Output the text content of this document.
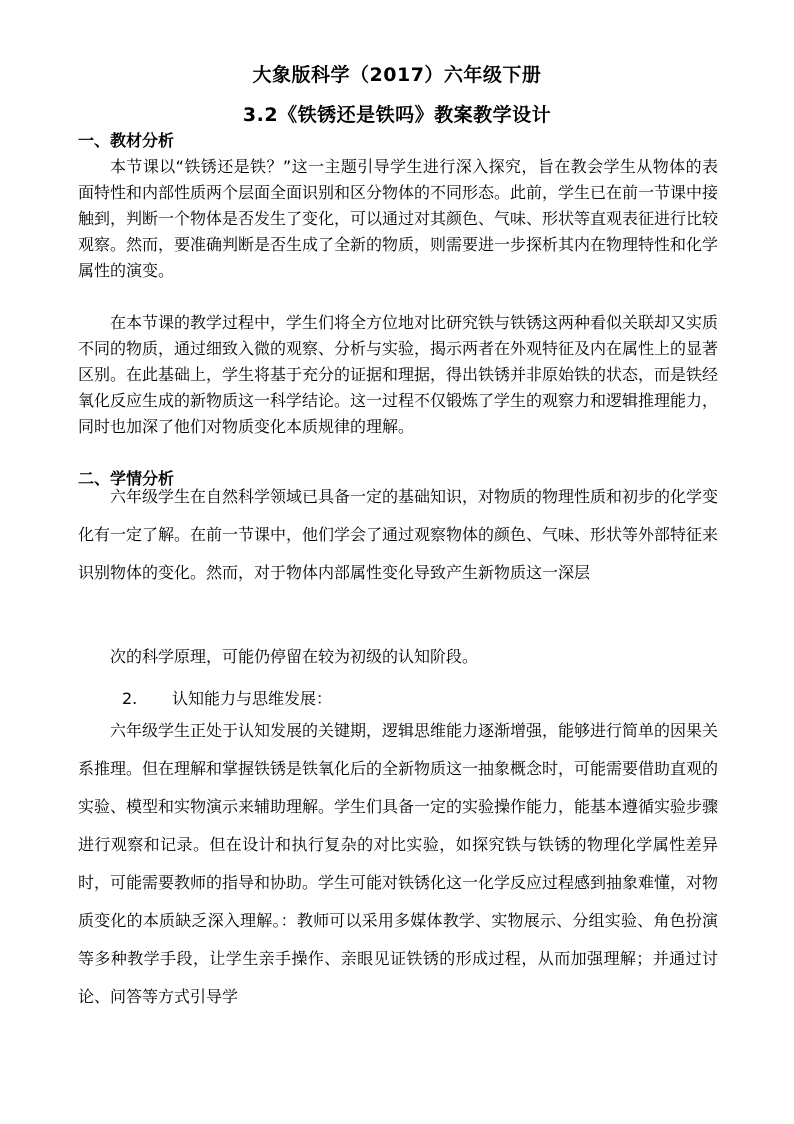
大象版科学（2017）六年级下册
3.2《铁锈还是铁吗》教案教学设计
一、教材分析
本节课以“铁锈还是铁？”这一主题引导学生进行深入探究，旨在教会学生从物体的表面特性和内部性质两个层面全面识别和区分物体的不同形态。此前，学生已在前一节课中接触到，判断一个物体是否发生了变化，可以通过对其颜色、气味、形状等直观表征进行比较观察。然而，要准确判断是否生成了全新的物质，则需要进一步探析其内在物理特性和化学属性的演变。
在本节课的教学过程中，学生们将全方位地对比研究铁与铁锈这两种看似关联却又实质不同的物质，通过细致入微的观察、分析与实验，揭示两者在外观特征及内在属性上的显著区别。在此基础上，学生将基于充分的证据和理据，得出铁锈并非原始铁的状态，而是铁经氧化反应生成的新物质这一科学结论。这一过程不仅锻炼了学生的观察力和逻辑推理能力，同时也加深了他们对物质变化本质规律的理解。
二、学情分析
六年级学生在自然科学领域已具备一定的基础知识，对物质的物理性质和初步的化学变化有一定了解。在前一节课中，他们学会了通过观察物体的颜色、气味、形状等外部特征来识别物体的变化。然而，对于物体内部属性变化导致产生新物质这一深层
次的科学原理，可能仍停留在较为初级的认知阶段。
2. 认知能力与思维发展：
六年级学生正处于认知发展的关键期，逻辑思维能力逐渐增强，能够进行简单的因果关系推理。但在理解和掌握铁锈是铁氧化后的全新物质这一抽象概念时，可能需要借助直观的实验、模型和实物演示来辅助理解。学生们具备一定的实验操作能力，能基本遵循实验步骤进行观察和记录。但在设计和执行复杂的对比实验，如探究铁与铁锈的物理化学属性差异时，可能需要教师的指导和协助。学生可能对铁锈化这一化学反应过程感到抽象难懂，对物质变化的本质缺乏深入理解。：教师可以采用多媒体教学、实物展示、分组实验、角色扮演等多种教学手段，让学生亲手操作、亲眼见证铁锈的形成过程，从而加强理解；并通过讨论、问答等方式引导学
